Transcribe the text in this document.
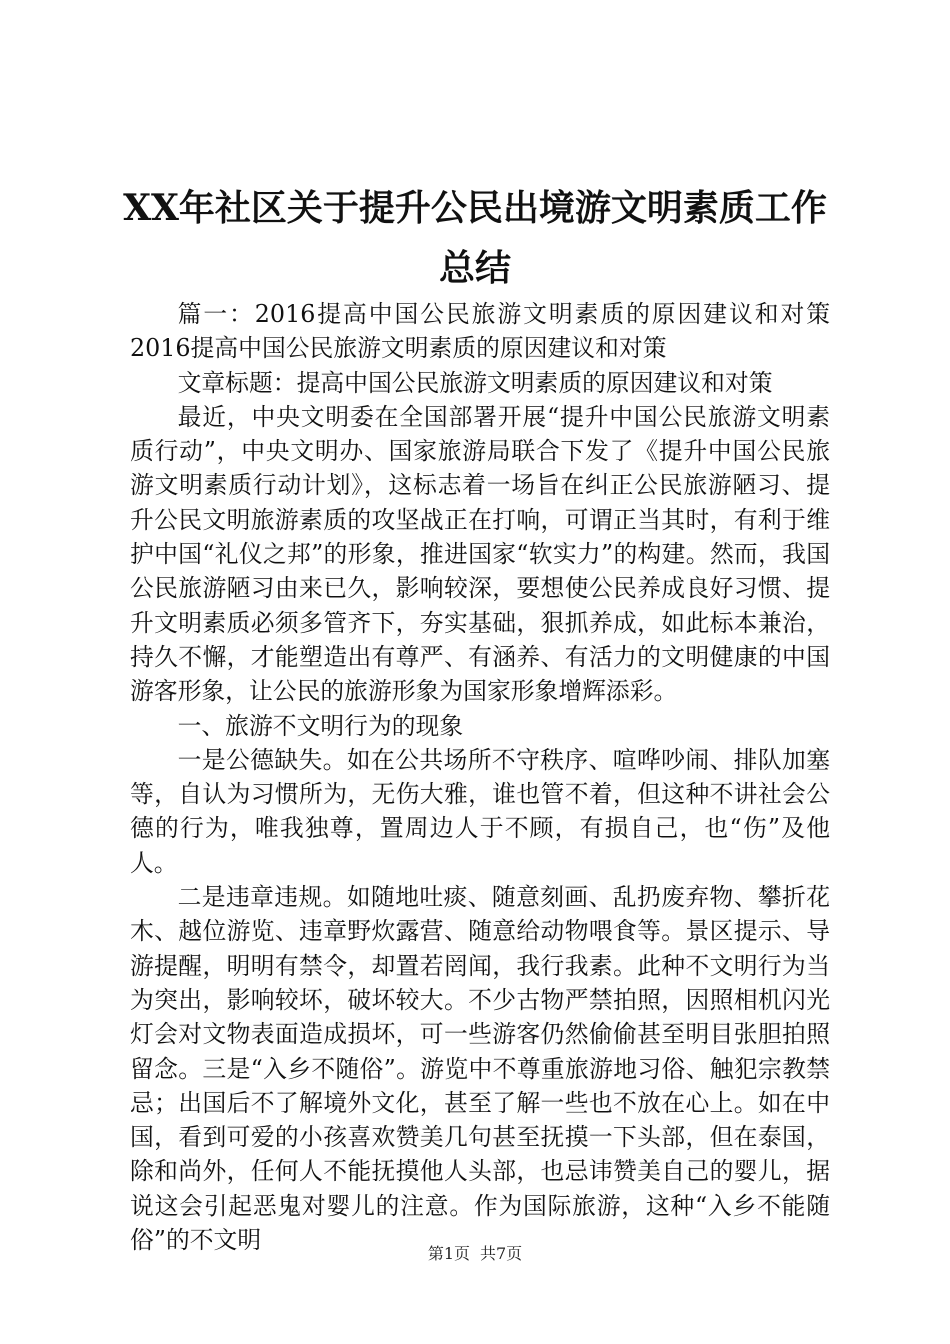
XX年社区关于提升公民出境游文明素质工作
总结

篇一：2016提高中国公民旅游文明素质的原因建议和对策2016提高中国公民旅游文明素质的原因建议和对策

文章标题：提高中国公民旅游文明素质的原因建议和对策

最近，中央文明委在全国部署开展“提升中国公民旅游文明素质行动”，中央文明办、国家旅游局联合下发了《提升中国公民旅游文明素质行动计划》，这标志着一场旨在纠正公民旅游陋习、提升公民文明旅游素质的攻坚战正在打响，可谓正当其时，有利于维护中国“礼仪之邦”的形象，推进国家“软实力”的构建。然而，我国公民旅游陋习由来已久，影响较深，要想使公民养成良好习惯、提升文明素质必须多管齐下，夯实基础，狠抓养成，如此标本兼治，持久不懈，才能塑造出有尊严、有涵养、有活力的文明健康的中国游客形象，让公民的旅游形象为国家形象增辉添彩。

一、旅游不文明行为的现象

一是公德缺失。如在公共场所不守秩序、喧哗吵闹、排队加塞等，自认为习惯所为，无伤大雅，谁也管不着，但这种不讲社会公德的行为，唯我独尊，置周边人于不顾，有损自己，也“伤”及他人。

二是违章违规。如随地吐痰、随意刻画、乱扔废弃物、攀折花木、越位游览、违章野炊露营、随意给动物喂食等。景区提示、导游提醒，明明有禁令，却置若罔闻，我行我素。此种不文明行为当为突出，影响较坏，破坏较大。不少古物严禁拍照，因照相机闪光灯会对文物表面造成损坏，可一些游客仍然偷偷甚至明目张胆拍照留念。三是“入乡不随俗”。游览中不尊重旅游地习俗、触犯宗教禁忌；出国后不了解境外文化，甚至了解一些也不放在心上。如在中国，看到可爱的小孩喜欢赞美几句甚至抚摸一下头部，但在泰国，除和尚外，任何人不能抚摸他人头部，也忌讳赞美自己的婴儿，据说这会引起恶鬼对婴儿的注意。作为国际旅游，这种“入乡不能随俗”的不文明	第1页 共7页
